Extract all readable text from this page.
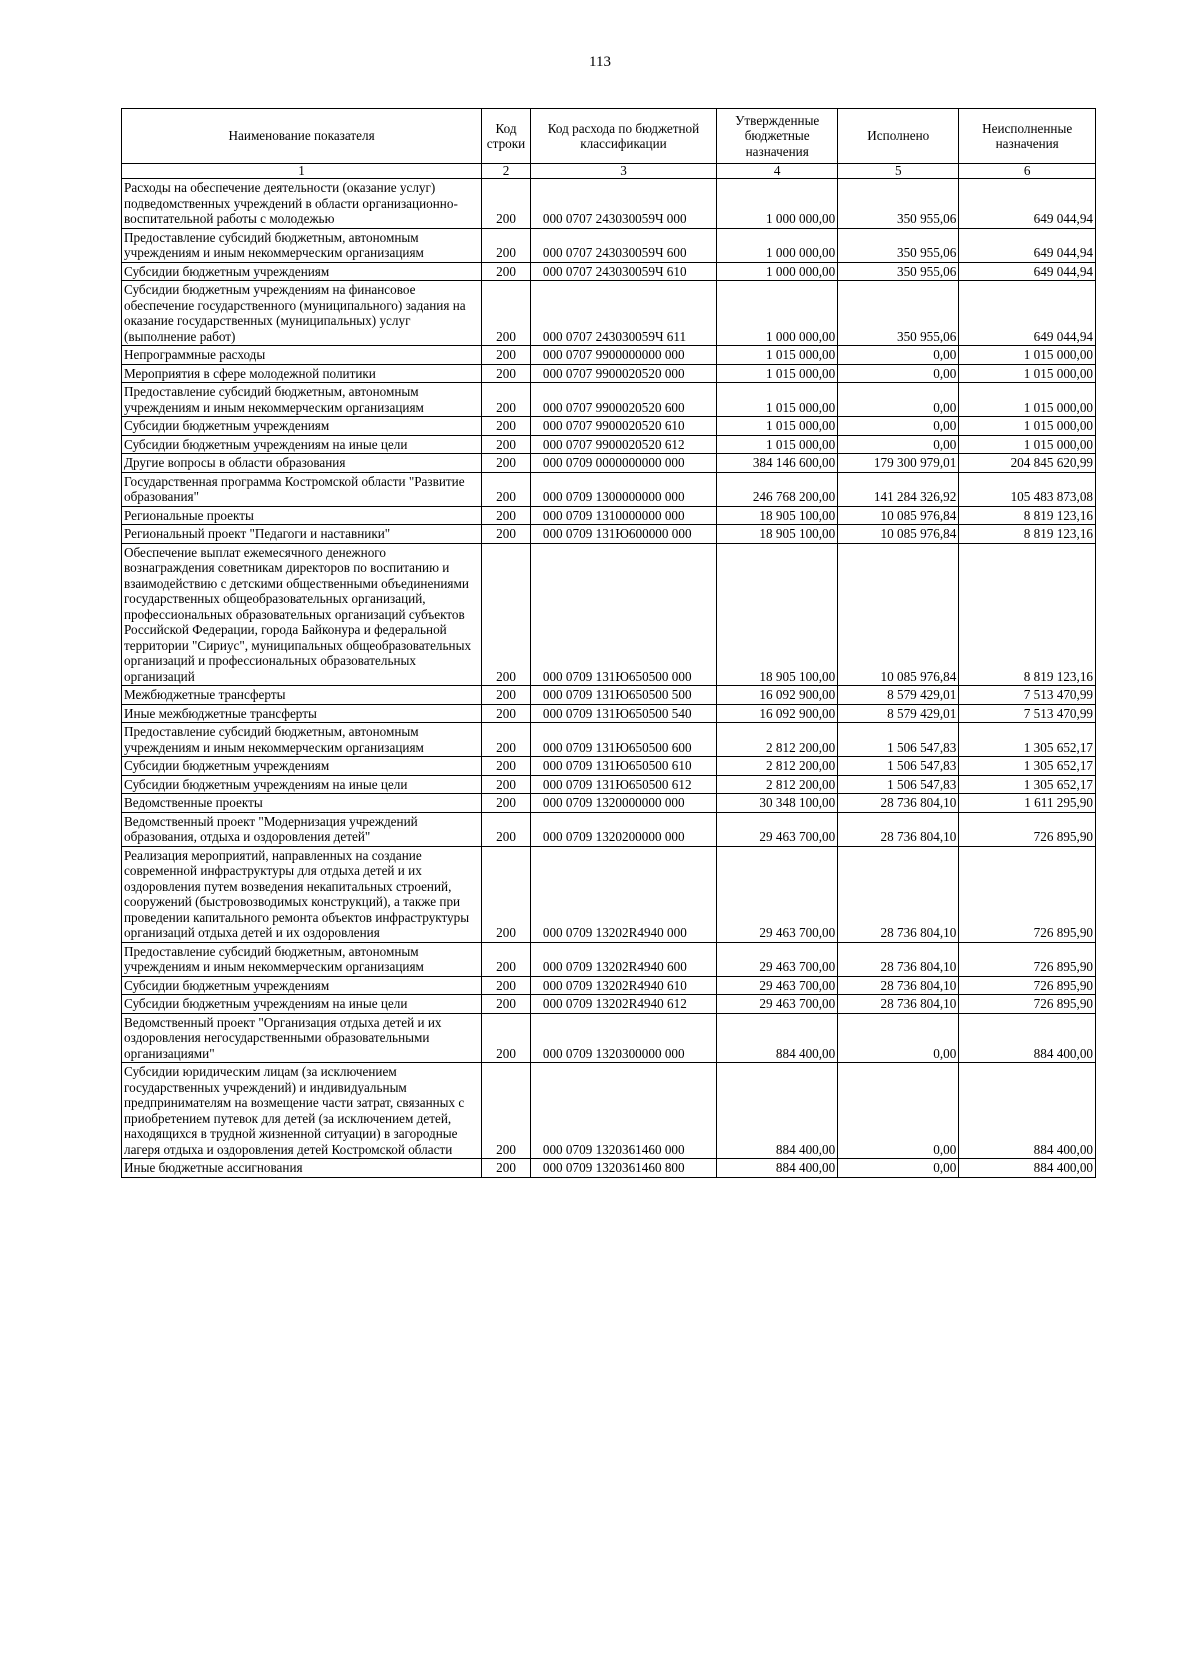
113
Наименование показателя	Код строки	Код расхода по бюджетной классификации	Утвержденные бюджетные назначения	Исполнено	Неисполненные назначения
1	2	3	4	5	6
Расходы на обеспечение деятельности (оказание услуг) подведомственных учреждений в области организационно-воспитательной работы с молодежью	200	000 0707 243030059Ч 000	1 000 000,00	350 955,06	649 044,94
Предоставление субсидий бюджетным, автономным учреждениям и иным некоммерческим организациям	200	000 0707 243030059Ч 600	1 000 000,00	350 955,06	649 044,94
Субсидии бюджетным учреждениям	200	000 0707 243030059Ч 610	1 000 000,00	350 955,06	649 044,94
Субсидии бюджетным учреждениям на финансовое обеспечение государственного (муниципального) задания на оказание государственных (муниципальных) услуг (выполнение работ)	200	000 0707 243030059Ч 611	1 000 000,00	350 955,06	649 044,94
Непрограммные расходы	200	000 0707 9900000000 000	1 015 000,00	0,00	1 015 000,00
Мероприятия в сфере молодежной политики	200	000 0707 9900020520 000	1 015 000,00	0,00	1 015 000,00
Предоставление субсидий бюджетным, автономным учреждениям и иным некоммерческим организациям	200	000 0707 9900020520 600	1 015 000,00	0,00	1 015 000,00
Субсидии бюджетным учреждениям	200	000 0707 9900020520 610	1 015 000,00	0,00	1 015 000,00
Субсидии бюджетным учреждениям на иные цели	200	000 0707 9900020520 612	1 015 000,00	0,00	1 015 000,00
Другие вопросы в области образования	200	000 0709 0000000000 000	384 146 600,00	179 300 979,01	204 845 620,99
Государственная программа Костромской области "Развитие образования"	200	000 0709 1300000000 000	246 768 200,00	141 284 326,92	105 483 873,08
Региональные проекты	200	000 0709 1310000000 000	18 905 100,00	10 085 976,84	8 819 123,16
Региональный проект "Педагоги и наставники"	200	000 0709 131Ю600000 000	18 905 100,00	10 085 976,84	8 819 123,16
Обеспечение выплат ежемесячного денежного вознаграждения советникам директоров по воспитанию и взаимодействию с детскими общественными объединениями государственных общеобразовательных организаций, профессиональных образовательных организаций субъектов Российской Федерации, города Байконура и федеральной территории "Сириус", муниципальных общеобразовательных организаций и профессиональных образовательных организаций	200	000 0709 131Ю650500 000	18 905 100,00	10 085 976,84	8 819 123,16
Межбюджетные трансферты	200	000 0709 131Ю650500 500	16 092 900,00	8 579 429,01	7 513 470,99
Иные межбюджетные трансферты	200	000 0709 131Ю650500 540	16 092 900,00	8 579 429,01	7 513 470,99
Предоставление субсидий бюджетным, автономным учреждениям и иным некоммерческим организациям	200	000 0709 131Ю650500 600	2 812 200,00	1 506 547,83	1 305 652,17
Субсидии бюджетным учреждениям	200	000 0709 131Ю650500 610	2 812 200,00	1 506 547,83	1 305 652,17
Субсидии бюджетным учреждениям на иные цели	200	000 0709 131Ю650500 612	2 812 200,00	1 506 547,83	1 305 652,17
Ведомственные проекты	200	000 0709 1320000000 000	30 348 100,00	28 736 804,10	1 611 295,90
Ведомственный проект "Модернизация учреждений образования, отдыха и оздоровления детей"	200	000 0709 1320200000 000	29 463 700,00	28 736 804,10	726 895,90
Реализация мероприятий, направленных на создание современной инфраструктуры для отдыха детей и их оздоровления путем возведения некапитальных строений, сооружений (быстровозводимых конструкций), а также при проведении капитального ремонта объектов инфраструктуры организаций отдыха детей и их оздоровления	200	000 0709 13202R4940 000	29 463 700,00	28 736 804,10	726 895,90
Предоставление субсидий бюджетным, автономным учреждениям и иным некоммерческим организациям	200	000 0709 13202R4940 600	29 463 700,00	28 736 804,10	726 895,90
Субсидии бюджетным учреждениям	200	000 0709 13202R4940 610	29 463 700,00	28 736 804,10	726 895,90
Субсидии бюджетным учреждениям на иные цели	200	000 0709 13202R4940 612	29 463 700,00	28 736 804,10	726 895,90
Ведомственный проект "Организация отдыха детей и их оздоровления негосударственными образовательными организациями"	200	000 0709 1320300000 000	884 400,00	0,00	884 400,00
Субсидии юридическим лицам (за исключением государственных учреждений) и индивидуальным предпринимателям на возмещение части затрат, связанных с приобретением путевок для детей (за исключением детей, находящихся в трудной жизненной ситуации) в загородные лагеря отдыха и оздоровления детей Костромской области	200	000 0709 1320361460 000	884 400,00	0,00	884 400,00
Иные бюджетные ассигнования	200	000 0709 1320361460 800	884 400,00	0,00	884 400,00
